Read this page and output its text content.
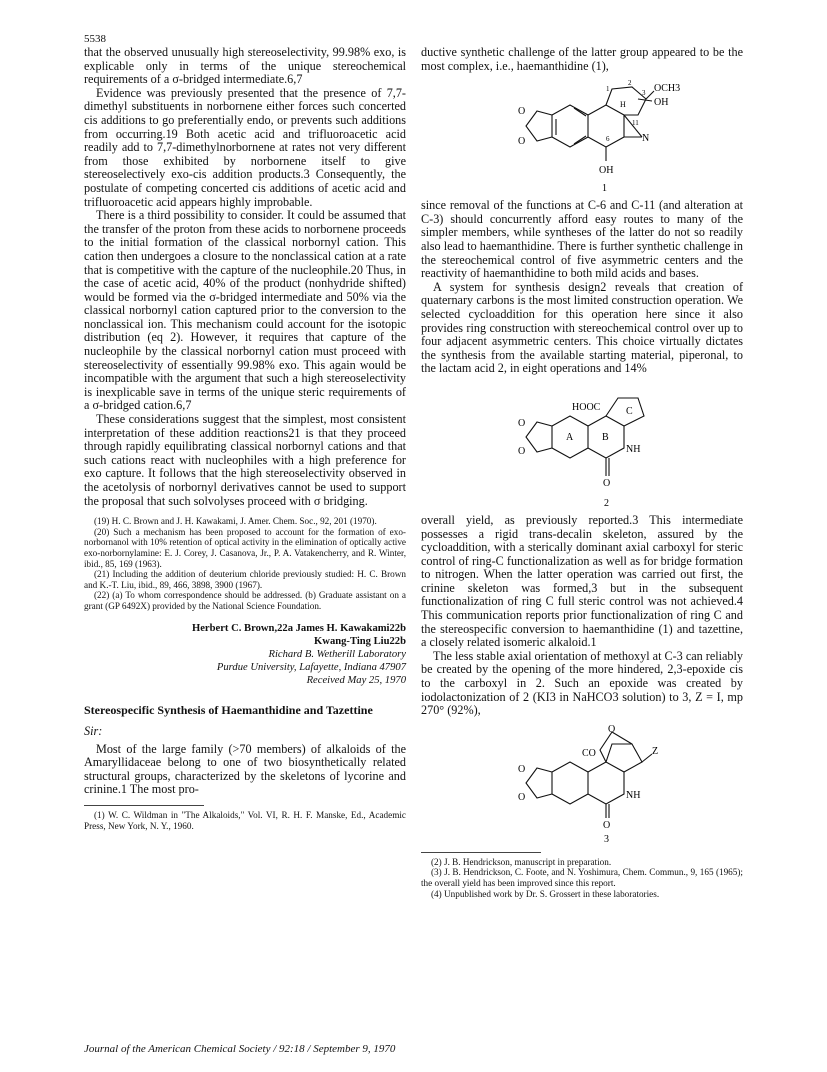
5538

that the observed unusually high stereoselectivity, 99.98% exo, is explicable only in terms of the unique stereochemical requirements of a σ-bridged intermediate.6,7

Evidence was previously presented that the presence of 7,7-dimethyl substituents in norbornene either forces such concerted cis additions to go preferentially endo, or prevents such additions from occurring.19 Both acetic acid and trifluoroacetic acid readily add to 7,7-dimethylnorbornene at rates not very different from those exhibited by norbornene itself to give stereoselectively exo-cis addition products.3 Consequently, the postulate of competing concerted cis additions of acetic acid and trifluoroacetic acid appears highly improbable.

There is a third possibility to consider. It could be assumed that the transfer of the proton from these acids to norbornene proceeds to the initial formation of the classical norbornyl cation. This cation then undergoes a closure to the nonclassical cation at a rate that is competitive with the capture of the nucleophile.20 Thus, in the case of acetic acid, 40% of the product (nonhydride shifted) would be formed via the σ-bridged intermediate and 50% via the classical norbornyl cation captured prior to the conversion to the nonclassical ion. This mechanism could account for the isotopic distribution (eq 2). However, it requires that capture of the nucleophile by the classical norbornyl cation must proceed with stereoselectivity of essentially 99.98% exo. This again would be incompatible with the argument that such a high stereoselectivity is inexplicable save in terms of the unique steric requirements of a σ-bridged cation.6,7

These considerations suggest that the simplest, most consistent interpretation of these addition reactions21 is that they proceed through rapidly equilibrating classical norbornyl cations and that such cations react with nucleophiles with a high preference for exo capture. It follows that the high stereoselectivity observed in the acetolysis of norbornyl derivatives cannot be used to support the proposal that such solvolyses proceed with σ bridging.

(19) H. C. Brown and J. H. Kawakami, J. Amer. Chem. Soc., 92, 201 (1970).

(20) Such a mechanism has been proposed to account for the formation of exo-norbornanol with 10% retention of optical activity in the elimination of optically active exo-norbornylamine: E. J. Corey, J. Casanova, Jr., P. A. Vatakencherry, and R. Winter, ibid., 85, 169 (1963).

(21) Including the addition of deuterium chloride previously studied: H. C. Brown and K.-T. Liu, ibid., 89, 466, 3898, 3900 (1967).

(22) (a) To whom correspondence should be addressed. (b) Graduate assistant on a grant (GP 6492X) provided by the National Science Foundation.

Herbert C. Brown,22a James H. Kawakami22b
Kwang-Ting Liu22b
Richard B. Wetherill Laboratory
Purdue University, Lafayette, Indiana 47907
Received May 25, 1970
Stereospecific Synthesis of Haemanthidine and Tazettine
Sir:

Most of the large family (>70 members) of alkaloids of the Amaryllidaceae belong to one of two biosynthetically related structural groups, characterized by the skeletons of lycorine and crinine.1 The most pro-

(1) W. C. Wildman in "The Alkaloids," Vol. VI, R. H. F. Manske, Ed., Academic Press, New York, N. Y., 1960.

ductive synthetic challenge of the latter group appeared to be the most complex, i.e., haemanthidine (1),

O
O
2
1	3
11
6
OCH3
OH
H
N
OH
1

since removal of the functions at C-6 and C-11 (and alteration at C-3) should concurrently afford easy routes to many of the simpler members, while syntheses of the latter do not so readily also lead to haemanthidine. There is further synthetic challenge in the stereochemical control of five asymmetric centers and the reactivity of haemanthidine to both mild acids and bases.

A system for synthesis design2 reveals that creation of quaternary carbons is the most limited construction operation. We selected cycloaddition for this operation here since it also provides ring construction with stereochemical control over up to four adjacent asymmetric centers. This choice virtually dictates the synthesis from the available starting material, piperonal, to the lactam acid 2, in eight operations and 14%

O
O
A	B
C
HOOC
NH
O
2

overall yield, as previously reported.3 This intermediate possesses a rigid trans-decalin skeleton, assured by the cycloaddition, with a sterically dominant axial carboxyl for steric control of ring-C functionalization as well as for bridge formation to nitrogen. When the latter operation was carried out first, the crinine skeleton was formed,3 but in the subsequent functionalization of ring C full steric control was not achieved.4 This communication reports prior functionalization of ring C and the stereospecific conversion to haemanthidine (1) and tazettine, a closely related isomeric alkaloid.1

The less stable axial orientation of methoxyl at C-3 can reliably be created by the opening of the more hindered, 2,3-epoxide cis to the carboxyl in 2. Such an epoxide was created by iodolactonization of 2 (KI3 in NaHCO3 solution) to 3, Z = I, mp 270° (92%),

O
O
O
CO	Z
NH
O
3

(2) J. B. Hendrickson, manuscript in preparation.

(3) J. B. Hendrickson, C. Foote, and N. Yoshimura, Chem. Commun., 9, 165 (1965); the overall yield has been improved since this report.

(4) Unpublished work by Dr. S. Grossert in these laboratories.

Journal of the American Chemical Society / 92:18 / September 9, 1970
